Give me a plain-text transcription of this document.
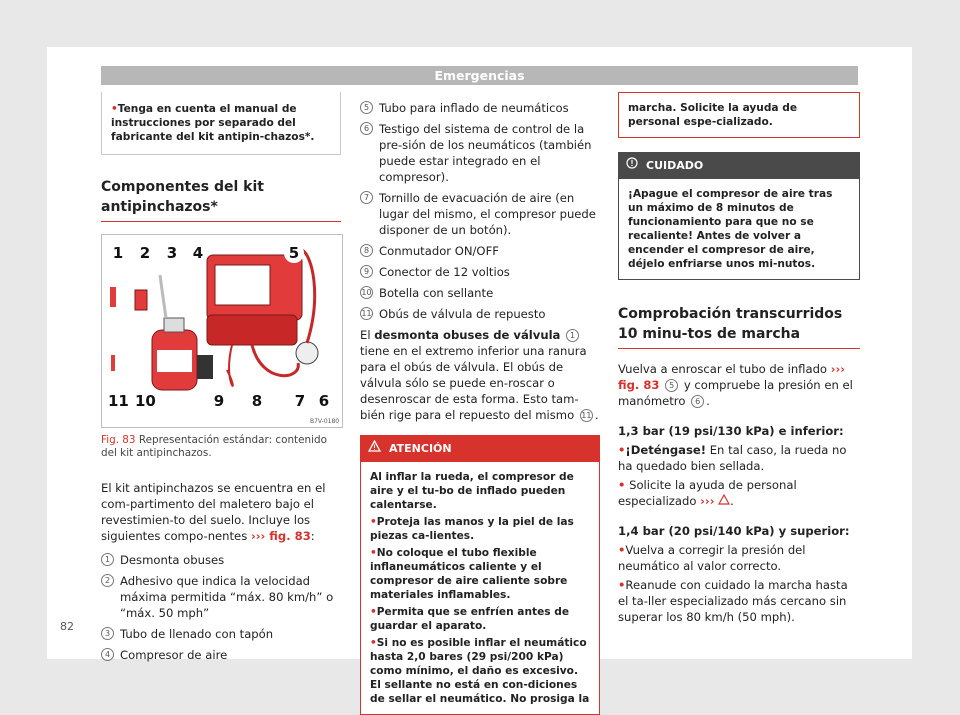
Emergencias
• Tenga en cuenta el manual de instrucciones por separado del fabricante del kit antipin-chazos*.
Componentes del kit antipinchazos*
B7V-0180
1	2	3	4	5
11 10	9	8	7 6
Fig. 83 Representación estándar: contenido del kit antipinchazos.
El kit antipinchazos se encuentra en el com-partimento del maletero bajo el revestimien-to del suelo. Incluye los siguientes compo-nentes ››› fig. 83:
1 Desmonta obuses
2 Adhesivo que indica la velocidad máxima permitida “máx. 80 km/h” o “máx. 50 mph”
3 Tubo de llenado con tapón
4 Compresor de aire
5 Tubo para inflado de neumáticos
6 Testigo del sistema de control de la pre-sión de los neumáticos (también puede estar integrado en el compresor).
7 Tornillo de evacuación de aire (en lugar del mismo, el compresor puede disponer de un botón).
8 Conmutador ON/OFF
9 Conector de 12 voltios
10 Botella con sellante
11 Obús de válvula de repuesto
El desmonta obuses de válvula 1 tiene en el extremo inferior una ranura para el obús de válvula. El obús de válvula sólo se puede en-roscar o desenroscar de esta forma. Esto tam-bién rige para el repuesto del mismo 11 .
ATENCIÓN
Al inflar la rueda, el compresor de aire y el tu-bo de inflado pueden calentarse.
• Proteja las manos y la piel de las piezas ca-lientes.
• No coloque el tubo flexible inflaneumáticos caliente y el compresor de aire caliente sobre materiales inflamables.
• Permita que se enfríen antes de guardar el aparato.
• Si no es posible inflar el neumático hasta 2,0 bares (29 psi/200 kPa) como mínimo, el daño es excesivo. El sellante no está en con-diciones de sellar el neumático. No prosiga la
marcha. Solicite la ayuda de personal espe-cializado.
CUIDADO
¡Apague el compresor de aire tras un máximo de 8 minutos de funcionamiento para que no se recaliente! Antes de volver a encender el compresor de aire, déjelo enfriarse unos mi-nutos.
Comprobación transcurridos 10 minu-tos de marcha
Vuelva a enroscar el tubo de inflado ››› fig. 83 5 y compruebe la presión en el manómetro 6 .
1,3 bar (19 psi/130 kPa) e inferior:
• ¡Deténgase! En tal caso, la rueda no ha quedado bien sellada.
• Solicite la ayuda de personal especializado ››› .
1,4 bar (20 psi/140 kPa) y superior:
• Vuelva a corregir la presión del neumático al valor correcto.
• Reanude con cuidado la marcha hasta el ta-ller especializado más cercano sin superar los 80 km/h (50 mph).
82
